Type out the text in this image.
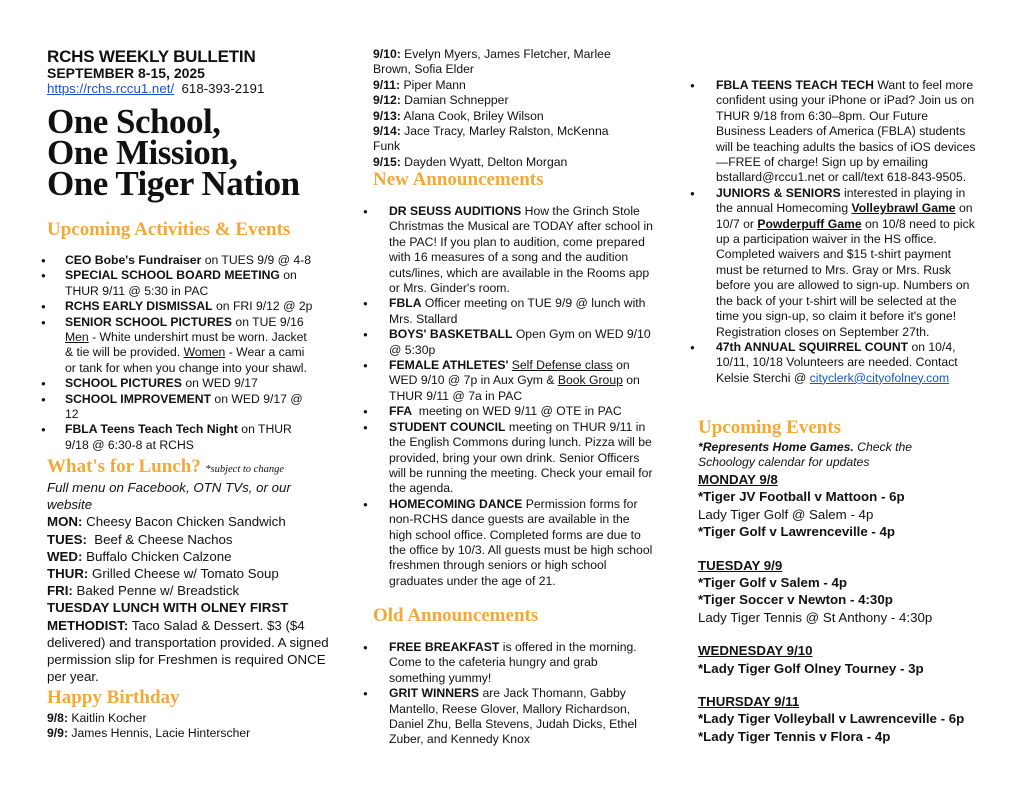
RCHS WEEKLY BULLETIN
SEPTEMBER 8-15, 2025
https://rchs.rccu1.net/ 618-393-2191
One School,
One Mission,
One Tiger Nation
Upcoming Activities & Events
● CEO Bobe's Fundraiser on TUES 9/9 @ 4-8
● SPECIAL SCHOOL BOARD MEETING on THUR 9/11 @ 5:30 in PAC
● RCHS EARLY DISMISSAL on FRI 9/12 @ 2p
● SENIOR SCHOOL PICTURES on TUE 9/16 Men - White undershirt must be worn. Jacket & tie will be provided. Women - Wear a cami or tank for when you change into your shawl.
● SCHOOL PICTURES on WED 9/17
● SCHOOL IMPROVEMENT on WED 9/17 @ 12
● FBLA Teens Teach Tech Night on THUR 9/18 @ 6:30-8 at RCHS
What's for Lunch? *subject to change
Full menu on Facebook, OTN TVs, or our website
MON: Cheesy Bacon Chicken Sandwich
TUES:  Beef & Cheese Nachos
WED: Buffalo Chicken Calzone
THUR: Grilled Cheese w/ Tomato Soup
FRI: Baked Penne w/ Breadstick
TUESDAY LUNCH WITH OLNEY FIRST METHODIST: Taco Salad & Dessert. $3 ($4 delivered) and transportation provided. A signed permission slip for Freshmen is required ONCE per year.
Happy Birthday
9/8: Kaitlin Kocher
9/9: James Hennis, Lacie Hinterscher
9/10: Evelyn Myers, James Fletcher, Marlee Brown, Sofia Elder
9/11: Piper Mann
9/12: Damian Schnepper
9/13: Alana Cook, Briley Wilson
9/14: Jace Tracy, Marley Ralston, McKenna Funk
9/15: Dayden Wyatt, Delton Morgan
New Announcements
● DR SEUSS AUDITIONS How the Grinch Stole Christmas the Musical are TODAY after school in the PAC! If you plan to audition, come prepared with 16 measures of a song and the audition cuts/lines, which are available in the Rooms app or Mrs. Ginder's room.
● FBLA Officer meeting on TUE 9/9 @ lunch with Mrs. Stallard
● BOYS' BASKETBALL Open Gym on WED 9/10 @ 5:30p
● FEMALE ATHLETES' Self Defense class on WED 9/10 @ 7p in Aux Gym & Book Group on THUR 9/11 @ 7a in PAC
● FFA  meeting on WED 9/11 @ OTE in PAC
● STUDENT COUNCIL meeting on THUR 9/11 in the English Commons during lunch. Pizza will be provided, bring your own drink. Senior Officers will be running the meeting. Check your email for the agenda.
● HOMECOMING DANCE Permission forms for non-RCHS dance guests are available in the high school office. Completed forms are due to the office by 10/3. All guests must be high school freshmen through seniors or high school graduates under the age of 21.
Old Announcements
● FREE BREAKFAST is offered in the morning. Come to the cafeteria hungry and grab something yummy!
● GRIT WINNERS are Jack Thomann, Gabby Mantello, Reese Glover, Mallory Richardson, Daniel Zhu, Bella Stevens, Judah Dicks, Ethel Zuber, and Kennedy Knox
● FBLA TEENS TEACH TECH Want to feel more confident using your iPhone or iPad? Join us on THUR 9/18 from 6:30–8pm. Our Future Business Leaders of America (FBLA) students will be teaching adults the basics of iOS devices—FREE of charge! Sign up by emailing bstallard@rccu1.net or call/text 618-843-9505.
● JUNIORS & SENIORS interested in playing in the annual Homecoming Volleybrawl Game on 10/7 or Powderpuff Game on 10/8 need to pick up a participation waiver in the HS office. Completed waivers and $15 t-shirt payment must be returned to Mrs. Gray or Mrs. Rusk before you are allowed to sign-up. Numbers on the back of your t-shirt will be selected at the time you sign-up, so claim it before it's gone! Registration closes on September 27th.
● 47th ANNUAL SQUIRREL COUNT on 10/4, 10/11, 10/18 Volunteers are needed. Contact Kelsie Sterchi @ cityclerk@cityofolney.com
Upcoming Events
*Represents Home Games. Check the Schoology calendar for updates
MONDAY 9/8
*Tiger JV Football v Mattoon - 6p
Lady Tiger Golf @ Salem - 4p
*Tiger Golf v Lawrenceville - 4p
TUESDAY 9/9
*Tiger Golf v Salem - 4p
*Tiger Soccer v Newton - 4:30p
Lady Tiger Tennis @ St Anthony - 4:30p
WEDNESDAY 9/10
*Lady Tiger Golf Olney Tourney - 3p
THURSDAY 9/11
*Lady Tiger Volleyball v Lawrenceville - 6p
*Lady Tiger Tennis v Flora - 4p
